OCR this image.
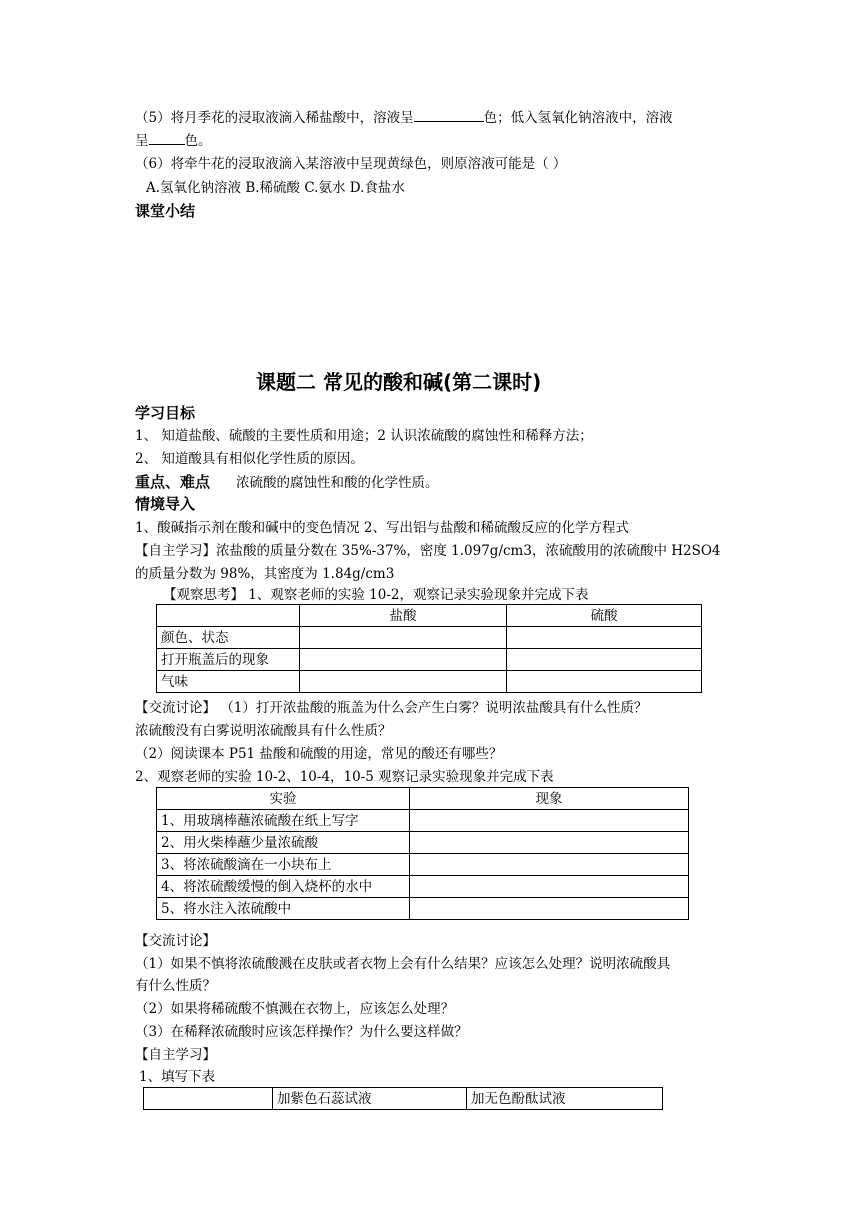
（5）将月季花的浸取液滴入稀盐酸中，溶液呈	色；低入氢氧化钠溶液中，溶液
呈	色。
（6）将牵牛花的浸取液滴入某溶液中呈现黄绿色，则原溶液可能是（ ）
A.氢氧化钠溶液 B.稀硫酸 C.氨水 D.食盐水
课堂小结
课题二 常见的酸和碱(第二课时)
学习目标
1、 知道盐酸、硫酸的主要性质和用途；2 认识浓硫酸的腐蚀性和稀释方法；
2、 知道酸具有相似化学性质的原因。
重点、难点 浓硫酸的腐蚀性和酸的化学性质。
情境导入
1、酸碱指示剂在酸和碱中的变色情况 2、写出铝与盐酸和稀硫酸反应的化学方程式
【自主学习】浓盐酸的质量分数在 35%-37%，密度 1.097g/cm3，浓硫酸用的浓硫酸中 H2SO4
的质量分数为 98%，其密度为 1.84g/cm3
【观察思考】 1、观察老师的实验 10-2，观察记录实验现象并完成下表
	盐酸	硫酸
颜色、状态		
打开瓶盖后的现象		
气味		
【交流讨论】 （1）打开浓盐酸的瓶盖为什么会产生白雾？说明浓盐酸具有什么性质？
浓硫酸没有白雾说明浓硫酸具有什么性质？
（2）阅读课本 P51 盐酸和硫酸的用途，常见的酸还有哪些？
2、观察老师的实验 10-2、10-4，10-5 观察记录实验现象并完成下表
实验	现象
1、用玻璃棒蘸浓硫酸在纸上写字	
2、用火柴棒蘸少量浓硫酸	
3、将浓硫酸滴在一小块布上	
4、将浓硫酸缓慢的倒入烧杯的水中	
5、将水注入浓硫酸中	
【交流讨论】
（1）如果不慎将浓硫酸溅在皮肤或者衣物上会有什么结果？应该怎么处理？说明浓硫酸具
有什么性质？
（2）如果将稀硫酸不慎溅在衣物上，应该怎么处理？
（3）在稀释浓硫酸时应该怎样操作？为什么要这样做？
【自主学习】
1、填写下表
	加紫色石蕊试液	加无色酚酞试液
